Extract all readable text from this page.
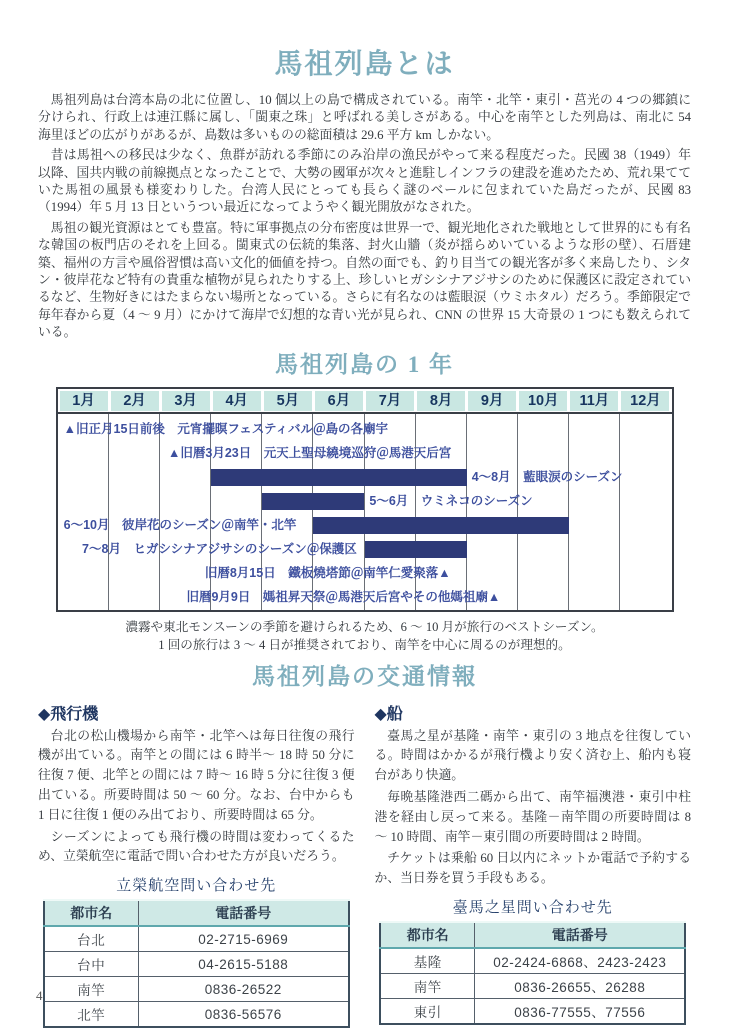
馬祖列島とは

馬祖列島は台湾本島の北に位置し、10 個以上の島で構成されている。南竿・北竿・東引・莒光の 4 つの郷鎮に分けられ、行政上は連江縣に属し、「閩東之珠」と呼ばれる美しさがある。中心を南竿とした列島は、南北に 54 海里ほどの広がりがあるが、島数は多いものの総面積は 29.6 平方 km しかない。

昔は馬祖への移民は少なく、魚群が訪れる季節にのみ沿岸の漁民がやって来る程度だった。民國 38（1949）年以降、国共内戦の前線拠点となったことで、大勢の國軍が次々と進駐しインフラの建設を進めたため、荒れ果てていた馬祖の風景も様変わりした。台湾人民にとっても長らく謎のベールに包まれていた島だったが、民國 83（1994）年 5 月 13 日というつい最近になってようやく観光開放がなされた。

馬祖の観光資源はとても豊富。特に軍事拠点の分布密度は世界一で、観光地化された戦地として世界的にも有名な韓国の板門店のそれを上回る。閩東式の伝統的集落、封火山牆（炎が揺らめいているような形の壁）、石厝建築、福州の方言や風俗習慣は高い文化的価値を持つ。自然の面でも、釣り目当ての観光客が多く来島したり、シタン・彼岸花など特有の貴重な植物が見られたりする上、珍しいヒガシシナアジサシのために保護区に設定されているなど、生物好きにはたまらない場所となっている。さらに有名なのは藍眼涙（ウミホタル）だろう。季節限定で毎年春から夏（4 ～ 9 月）にかけて海岸で幻想的な青い光が見られ、CNN の世界 15 大奇景の 1 つにも数えられている。

馬祖列島の 1 年
1月	2月	3月	4月	5月	6月	7月	8月	9月	10月	11月	12月
▲旧正月15日前後　元宵擺暝フェスティバル＠島の各廟宇
▲旧暦3月23日　元天上聖母繞境巡狩＠馬港天后宮
4～8月　藍眼涙のシーズン
5～6月　ウミネコのシーズン
6～10月　彼岸花のシーズン＠南竿・北竿
7～8月　ヒガシシナアジサシのシーズン＠保護区
旧暦8月15日　鐵板燒塔節＠南竿仁愛聚落▲
旧暦9月9日　媽祖昇天祭＠馬港天后宮やその他媽祖廟▲

濃霧や東北モンスーンの季節を避けられるため、6 ～ 10 月が旅行のベストシーズン。

1 回の旅行は 3 ～ 4 日が推奨されており、南竿を中心に周るのが理想的。

馬祖列島の交通情報
◆飛行機

台北の松山機場から南竿・北竿へは毎日往復の飛行機が出ている。南竿との間には 6 時半～ 18 時 50 分に往復 7 便、北竿との間には 7 時～ 16 時 5 分に往復 3 便出ている。所要時間は 50 ～ 60 分。なお、台中からも 1 日に往復 1 便のみ出ており、所要時間は 65 分。

シーズンによっても飛行機の時間は変わってくるため、立榮航空に電話で問い合わせた方が良いだろう。

立榮航空問い合わせ先
都市名	電話番号
台北	02-2715-6969
台中	04-2615-5188
南竿	0836-26522
北竿	0836-56576
◆船

臺馬之星が基隆・南竿・東引の 3 地点を往復している。時間はかかるが飛行機より安く済む上、船内も寝台があり快適。

毎晩基隆港西二碼から出て、南竿福澳港・東引中柱港を経由し戻って来る。基隆－南竿間の所要時間は 8 ～ 10 時間、南竿－東引間の所要時間は 2 時間。

チケットは乗船 60 日以内にネットか電話で予約するか、当日券を買う手段もある。

臺馬之星問い合わせ先
都市名	電話番号
基隆	02-2424-6868、2423-2423
南竿	0836-26655、26288
東引	0836-77555、77556
4
